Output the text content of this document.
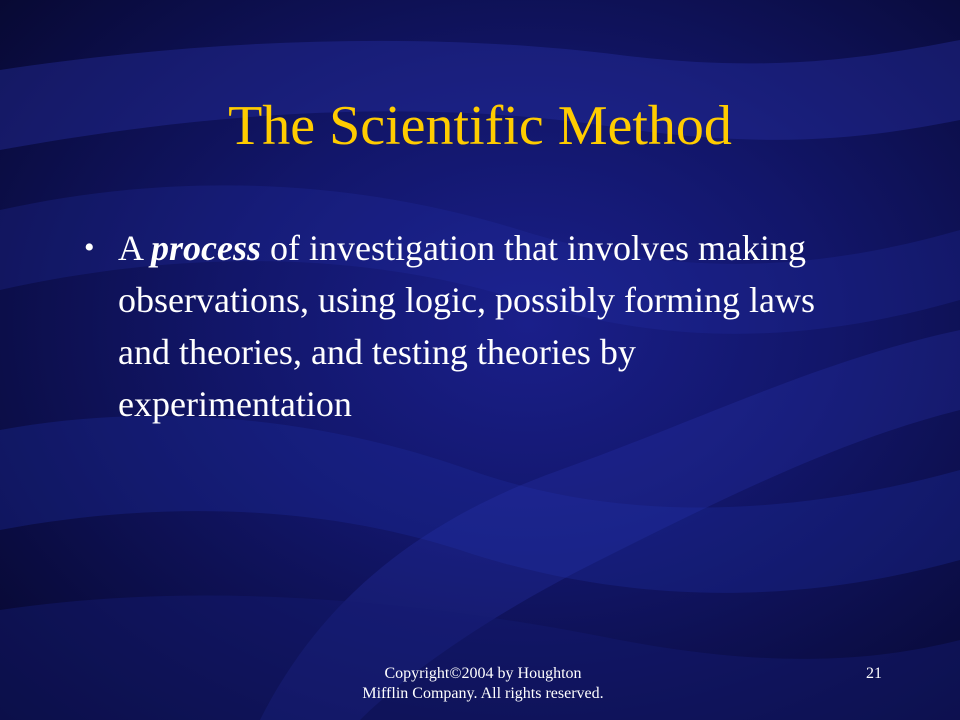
The Scientific Method
• A process of investigation that involves making observations, using logic, possibly forming laws and theories, and testing theories by experimentation
Copyright©2004 by Houghton
Mifflin Company. All rights reserved.
21
